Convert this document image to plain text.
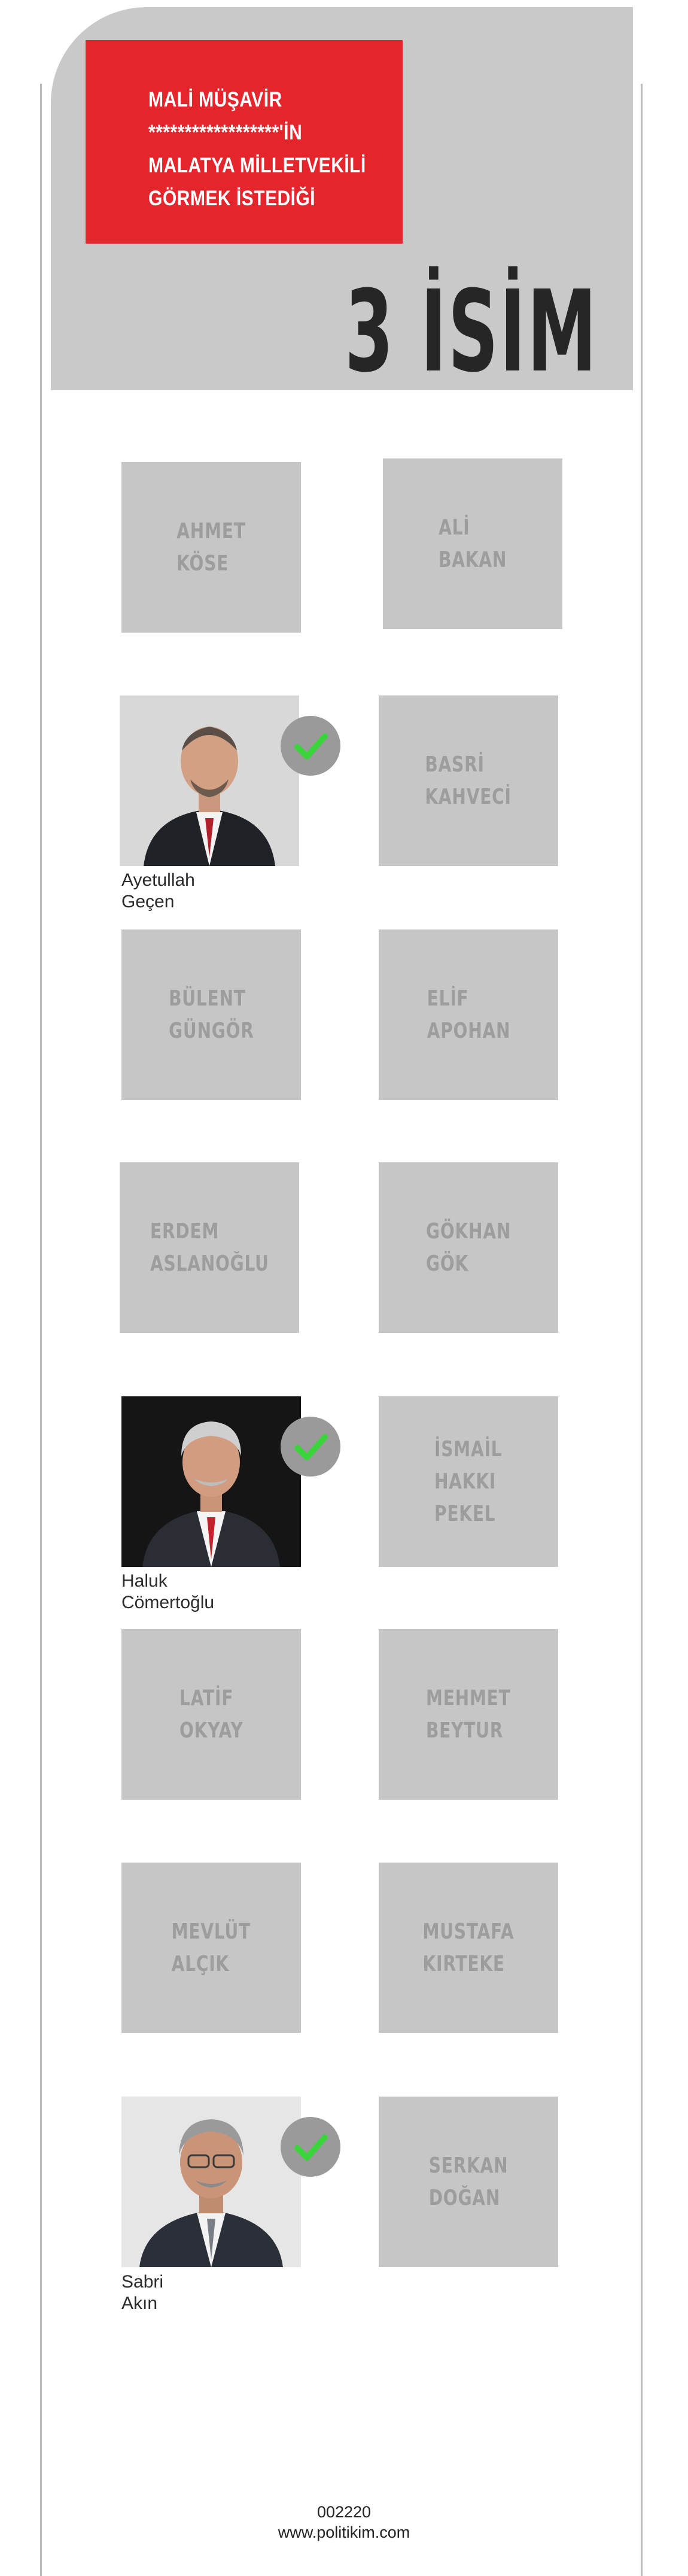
MALİ MÜŞAVİR
******************'İN
MALATYA MİLLETVEKİLİ
GÖRMEK İSTEDİĞİ
3 İSİM
AHMET
KÖSE
ALİ
BAKAN
Ayetullah
Geçen
BASRİ
KAHVECİ
BÜLENT
GÜNGÖR
ELİF
APOHAN
ERDEM
ASLANOĞLU
GÖKHAN
GÖK
Haluk
Cömertoğlu
İSMAİL
HAKKI
PEKEL
LATİF
OKYAY
MEHMET
BEYTUR
MEVLÜT
ALÇIK
MUSTAFA
KIRTEKE
Sabri
Akın
SERKAN
DOĞAN
002220
www.politikim.com
